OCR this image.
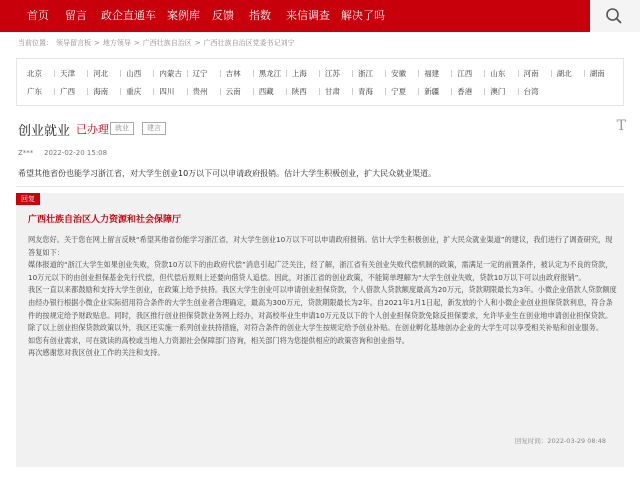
首页 留言 政企直通车 案例库 反馈 指数 来信调查 解决了吗
当前位置： 领导留言板 > 地方领导 > 广西壮族自治区 > 广西壮族自治区党委书记刘宁
北京 天津 河北 山西 内蒙古 辽宁 吉林 黑龙江 上海 江苏 浙江 安徽 福建 江西 山东 河南 湖北 湖南
广东 广西 海南 重庆 四川 贵州 云南 西藏 陕西 甘肃 青海 宁夏 新疆 香港 澳门 台湾
创业就业 已办理 就业	建言	T
Z*** 2022-02-20 15:08
希望其他省份也能学习浙江省，对大学生创业10万以下可以申请政府报销。估计大学生积极创业，扩大民众就业渠道。
回复
广西壮族自治区人力资源和社会保障厅

网友您好。关于您在网上留言反映“希望其他省份能学习浙江省，对大学生创业10万以下可以申请政府报销。估计大学生积极创业，扩大民众就业渠道”的建议，我们进行了调查研究，现答复如下：

媒体报道的“浙江大学生如果创业失败，贷款10万以下的由政府代偿”消息引起广泛关注，经了解，浙江省有关创业失败代偿机制的政策，需满足一定的前置条件，被认定为不良的贷款，10万元以下的由创业担保基金先行代偿，但代偿后原则上还要向借贷人追偿。因此，对浙江省的创业政策，不能简单理解为“大学生创业失败，贷款10万以下可以由政府报销”。

我区一直以来都鼓励和支持大学生创业，在政策上给予扶持。我区大学生创业可以申请创业担保贷款，个人借款人贷款额度最高为20万元，贷款期限最长为3年。小微企业借款人贷款额度由经办银行根据小微企业实际招用符合条件的大学生创业者合理确定，最高为300万元，贷款期限最长为2年。自2021年1月1日起，新发放的个人和小微企业创业担保贷款利息，符合条件的按规定给予财政贴息。同时，我区推行创业担保贷款业务网上经办，对高校毕业生申请10万元及以下的个人创业担保贷款免除反担保要求，允许毕业生在创业地申请创业担保贷款。

除了以上创业担保贷款政策以外，我区还实施一系列创业扶持措施，对符合条件的创业大学生按规定给予创业补贴。在创业孵化基地创办企业的大学生可以享受相关补贴和创业服务。

如您有创业需求，可在就读的高校或当地人力资源社会保障部门咨询，相关部门将为您提供相应的政策咨询和创业指导。

再次感谢您对我区创业工作的关注和支持。

回复时间：2022-03-29 08:48
